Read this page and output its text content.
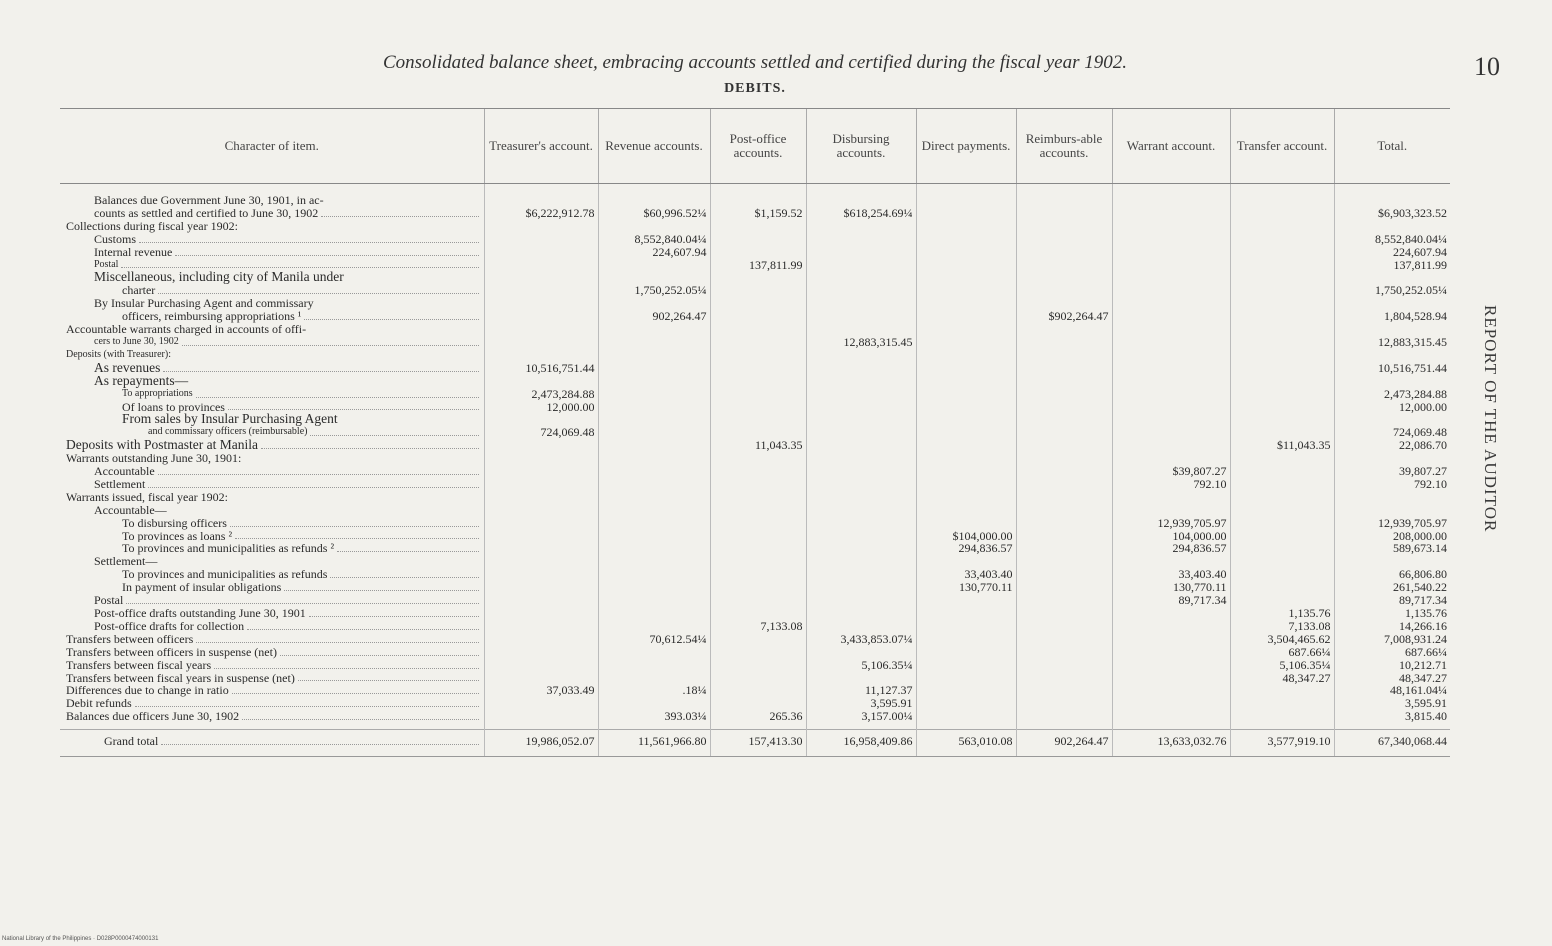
10
REPORT OF THE AUDITOR
Consolidated balance sheet, embracing accounts settled and certified during the fiscal year 1902.
DEBITS.
Character of item.	Treasurer's account.	Revenue accounts.	Post-office accounts.	Disbursing accounts.	Direct payments.	Reimburs-able accounts.	Warrant account.	Transfer account.	Total.

Balances due Government June 30, 1901, in ac-									

counts as settled and certified to June 30, 1902	$6,222,912.78	$60,996.52¼	$1,159.52	$618,254.69¼					$6,903,323.52

Collections during fiscal year 1902:									

Customs		8,552,840.04¼							8,552,840.04¼

Internal revenue		224,607.94							224,607.94

Postal			137,811.99						137,811.99

Miscellaneous, including city of Manila under									

charter		1,750,252.05¼							1,750,252.05¼

By Insular Purchasing Agent and commissary									

officers, reimbursing appropriations ¹		902,264.47				$902,264.47			1,804,528.94

Accountable warrants charged in accounts of offi-									

cers to June 30, 1902				12,883,315.45					12,883,315.45

Deposits (with Treasurer):									

As revenues	10,516,751.44								10,516,751.44

As repayments—									

To appropriations	2,473,284.88								2,473,284.88

Of loans to provinces	12,000.00								12,000.00

From sales by Insular Purchasing Agent									

and commissary officers (reimbursable)	724,069.48								724,069.48

Deposits with Postmaster at Manila			11,043.35					$11,043.35	22,086.70

Warrants outstanding June 30, 1901:									

Accountable							$39,807.27		39,807.27

Settlement							792.10		792.10

Warrants issued, fiscal year 1902:									

Accountable—									

To disbursing officers							12,939,705.97		12,939,705.97

To provinces as loans ²					$104,000.00		104,000.00		208,000.00

To provinces and municipalities as refunds ²					294,836.57		294,836.57		589,673.14

Settlement—									

To provinces and municipalities as refunds					33,403.40		33,403.40		66,806.80

In payment of insular obligations					130,770.11		130,770.11		261,540.22

Postal							89,717.34		89,717.34

Post-office drafts outstanding June 30, 1901								1,135.76	1,135.76

Post-office drafts for collection			7,133.08					7,133.08	14,266.16

Transfers between officers		70,612.54¼		3,433,853.07¼				3,504,465.62	7,008,931.24

Transfers between officers in suspense (net)								687.66¼	687.66¼

Transfers between fiscal years				5,106.35¼				5,106.35¼	10,212.71

Transfers between fiscal years in suspense (net)								48,347.27	48,347.27

Differences due to change in ratio	37,033.49	.18¼		11,127.37					48,161.04¼

Debit refunds				3,595.91					3,595.91

Balances due officers June 30, 1902		393.03¼	265.36	3,157.00¼					3,815.40

Grand total	19,986,052.07	11,561,966.80	157,413.30	16,958,409.86	563,010.08	902,264.47	13,633,032.76	3,577,919.10	67,340,068.44

National Library of the Philippines · D028P0000474000131
